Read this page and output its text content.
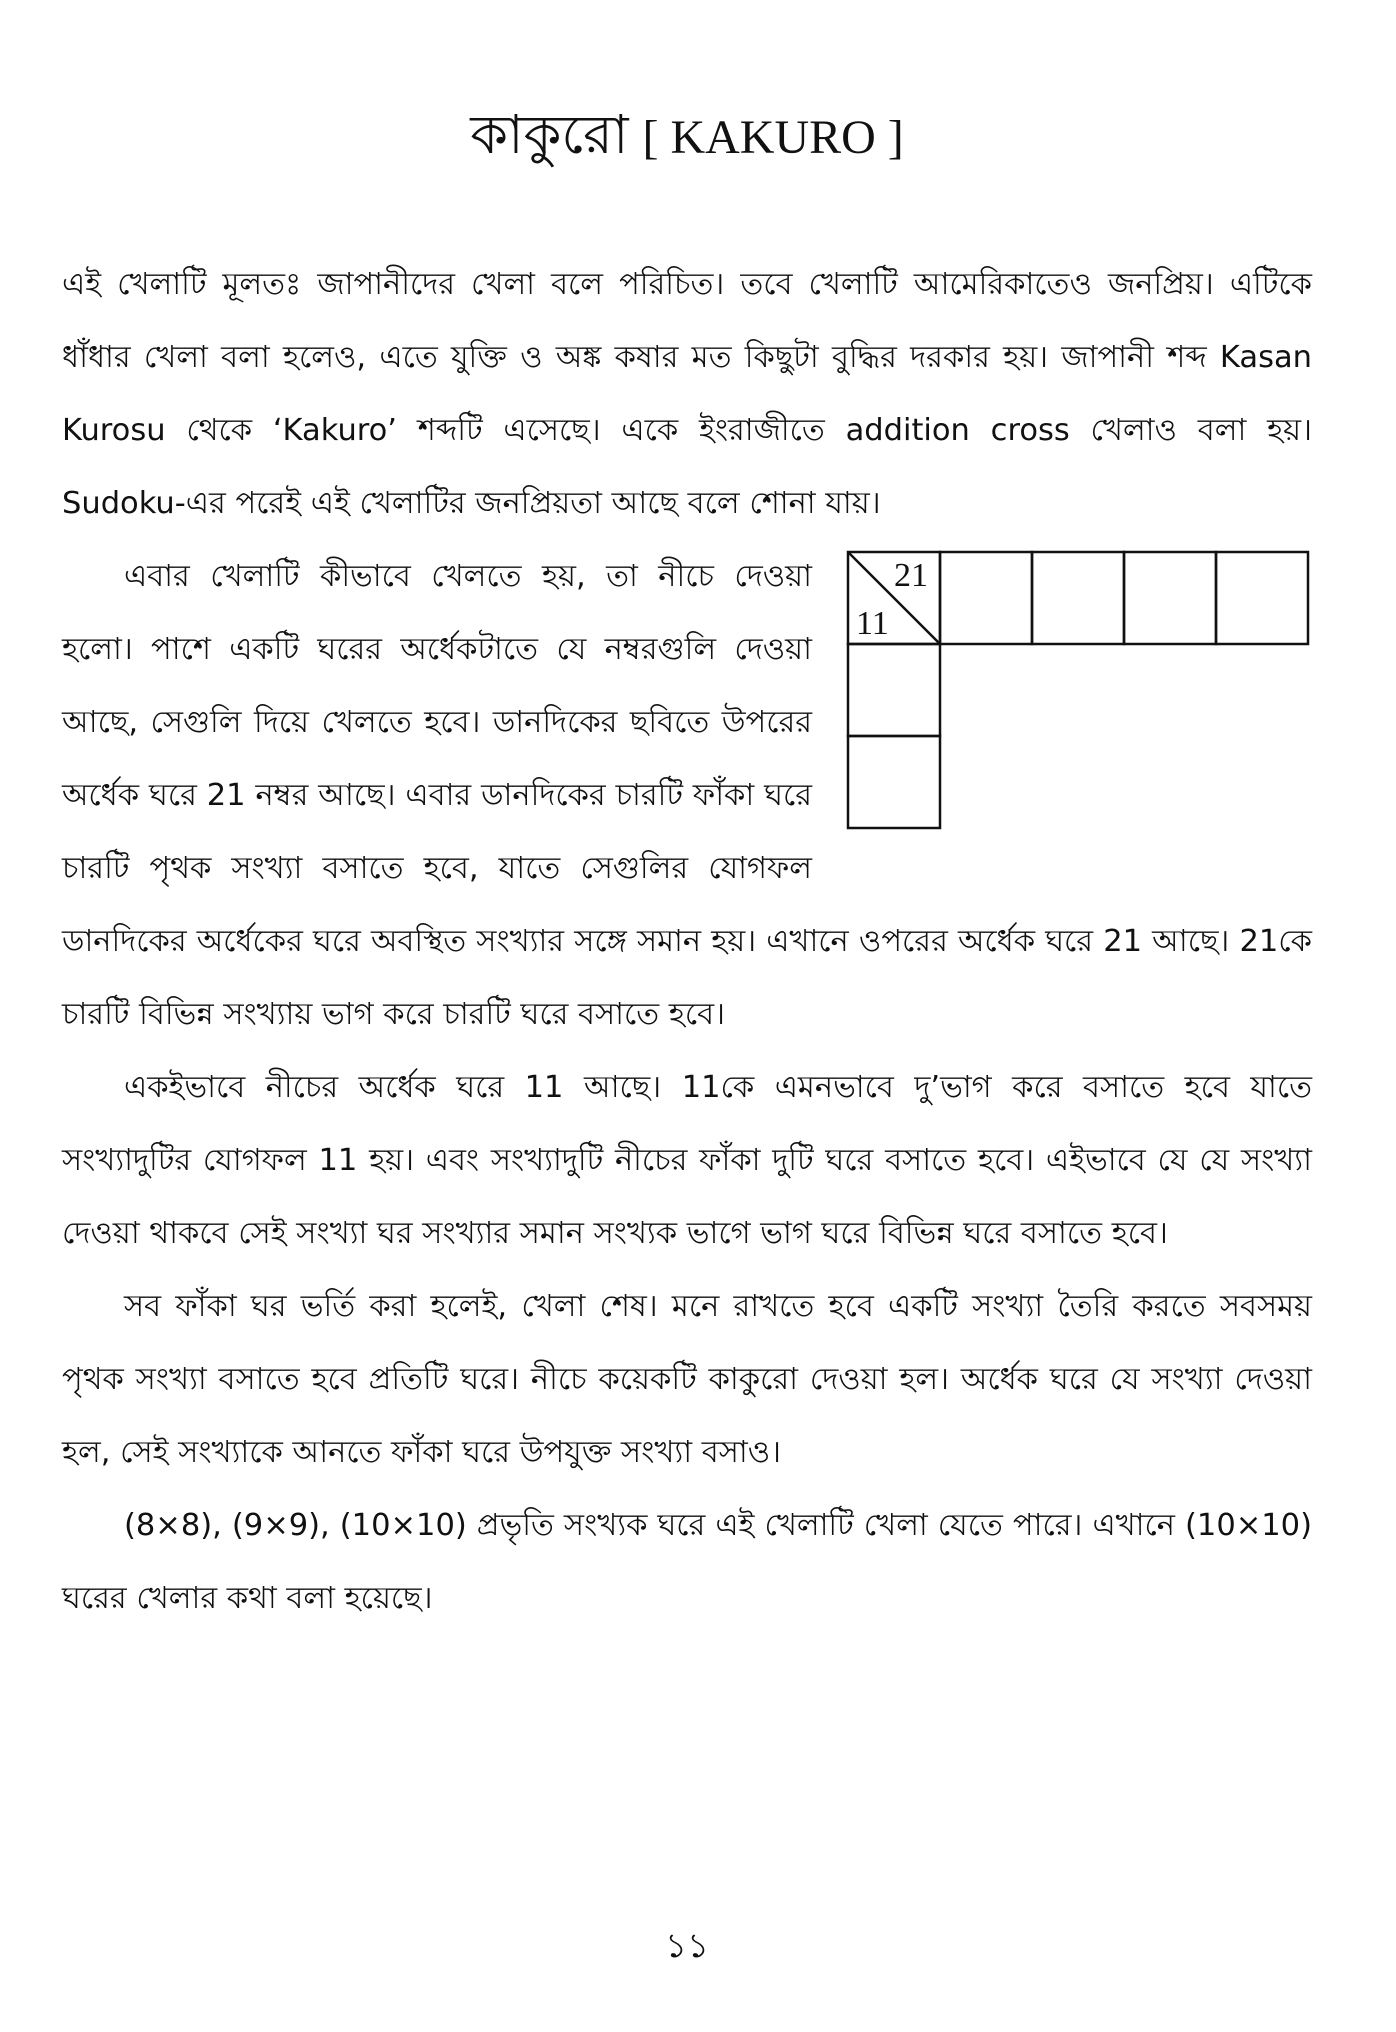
কাকুরো [ KAKURO ]

এই খেলাটি মূলতঃ জাপানীদের খেলা বলে পরিচিত। তবে খেলাটি আমেরিকাতেও জনপ্রিয়। এটিকে ধাঁধার খেলা বলা হলেও, এতে যুক্তি ও অঙ্ক কষার মত কিছুটা বুদ্ধির দরকার হয়। জাপানী শব্দ Kasan Kurosu থেকে ‘Kakuro’ শব্দটি এসেছে। একে ইংরাজীতে addition cross খেলাও বলা হয়। Sudoku-এর পরেই এই খেলাটির জনপ্রিয়তা আছে বলে শোনা যায়।

21
11

এবার খেলাটি কীভাবে খেলতে হয়, তা নীচে দেওয়া হলো। পাশে একটি ঘরের অর্ধেকটাতে যে নম্বরগুলি দেওয়া আছে, সেগুলি দিয়ে খেলতে হবে। ডানদিকের ছবিতে উপরের অর্ধেক ঘরে 21 নম্বর আছে। এবার ডানদিকের চারটি ফাঁকা ঘরে চারটি পৃথক সংখ্যা বসাতে হবে, যাতে সেগুলির যোগফল ডানদিকের অর্ধেকের ঘরে অবস্থিত সংখ্যার সঙ্গে সমান হয়। এখানে ওপরের অর্ধেক ঘরে 21 আছে। 21কে চারটি বিভিন্ন সংখ্যায় ভাগ করে চারটি ঘরে বসাতে হবে।

একইভাবে নীচের অর্ধেক ঘরে 11 আছে। 11কে এমনভাবে দু’ভাগ করে বসাতে হবে যাতে সংখ্যাদুটির যোগফল 11 হয়। এবং সংখ্যাদুটি নীচের ফাঁকা দুটি ঘরে বসাতে হবে। এইভাবে যে যে সংখ্যা দেওয়া থাকবে সেই সংখ্যা ঘর সংখ্যার সমান সংখ্যক ভাগে ভাগ ঘরে বিভিন্ন ঘরে বসাতে হবে।

সব ফাঁকা ঘর ভর্তি করা হলেই, খেলা শেষ। মনে রাখতে হবে একটি সংখ্যা তৈরি করতে সবসময় পৃথক সংখ্যা বসাতে হবে প্রতিটি ঘরে। নীচে কয়েকটি কাকুরো দেওয়া হল। অর্ধেক ঘরে যে সংখ্যা দেওয়া হল, সেই সংখ্যাকে আনতে ফাঁকা ঘরে উপযুক্ত সংখ্যা বসাও।

(8×8), (9×9), (10×10) প্রভৃতি সংখ্যক ঘরে এই খেলাটি খেলা যেতে পারে। এখানে (10×10) ঘরের খেলার কথা বলা হয়েছে।

১১
